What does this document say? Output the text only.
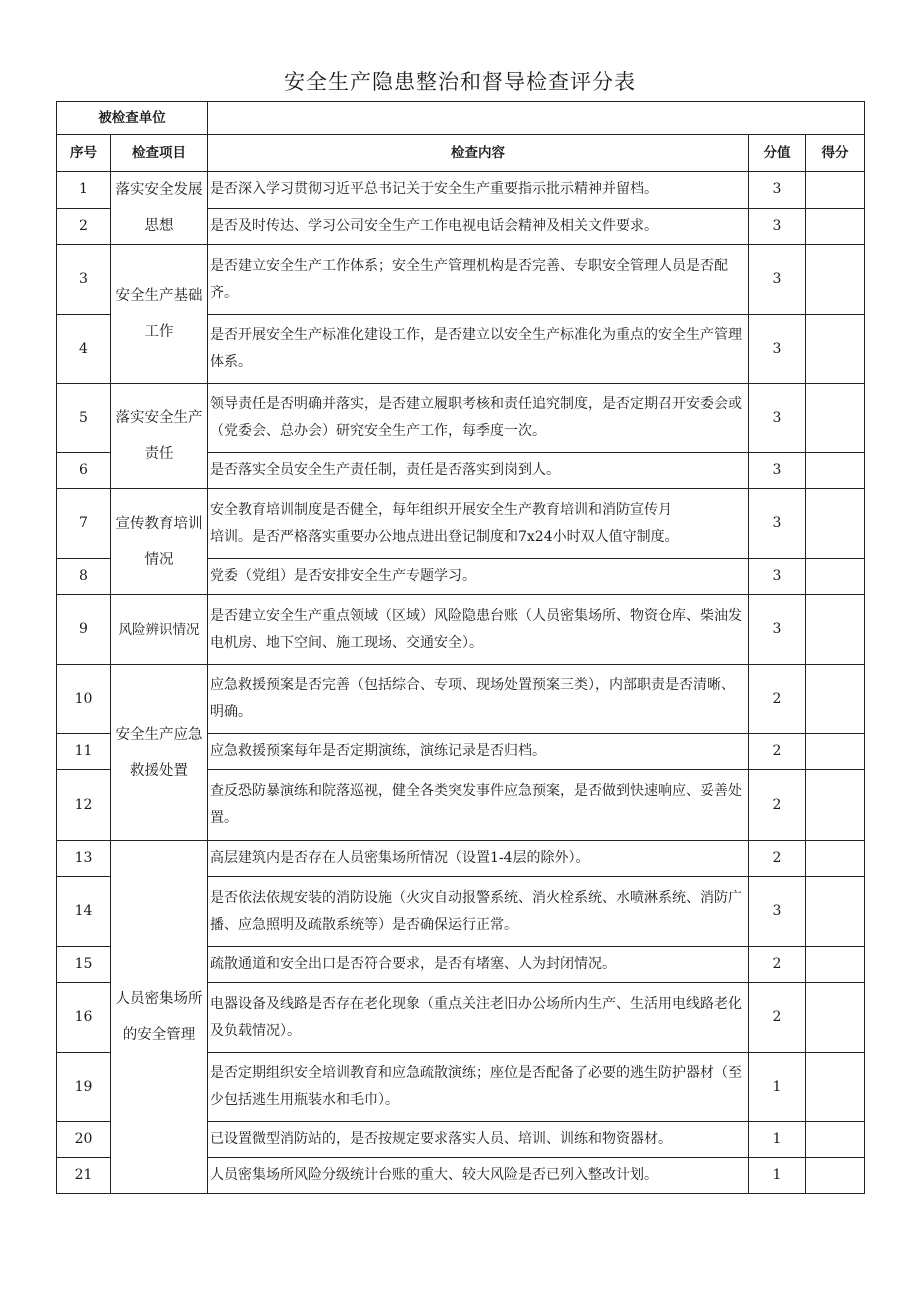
安全生产隐患整治和督导检查评分表
被检查单位				
序号	检查项目	检查内容	分值	得分
1	落实安全发展思想	是否深入学习贯彻习近平总书记关于安全生产重要指示批示精神并留档。	3	
2		是否及时传达、学习公司安全生产工作电视电话会精神及相关文件要求。	3	
3	安全生产基础工作	是否建立安全生产工作体系；安全生产管理机构是否完善、专职安全管理人员是否配齐。	3	
4		是否开展安全生产标准化建设工作，是否建立以安全生产标准化为重点的安全生产管理体系。	3	
5	落实安全生产责任	领导责任是否明确并落实，是否建立履职考核和责任追究制度，是否定期召开安委会或（党委会、总办会）研究安全生产工作，每季度一次。	3	
6		是否落实全员安全生产责任制，责任是否落实到岗到人。	3	
7	宣传教育培训情况	安全教育培训制度是否健全，每年组织开展安全生产教育培训和消防宣传月
培训。是否严格落实重要办公地点进出登记制度和7x24小时双人值守制度。	3	
8		党委（党组）是否安排安全生产专题学习。	3	
9	风险辨识情况	是否建立安全生产重点领域（区域）风险隐患台账（人员密集场所、物资仓库、柴油发电机房、地下空间、施工现场、交通安全）。	3	
10	安全生产应急救援处置	应急救援预案是否完善（包括综合、专项、现场处置预案三类），内部职责是否清晰、明确。	2	
11		应急救援预案每年是否定期演练，演练记录是否归档。	2	
12		查反恐防暴演练和院落巡视，健全各类突发事件应急预案，是否做到快速响应、妥善处置。	2	
13	人员密集场所的安全管理	高层建筑内是否存在人员密集场所情况（设置1-4层的除外）。	2	
14		是否依法依规安装的消防设施（火灾自动报警系统、消火栓系统、水喷淋系统、消防广播、应急照明及疏散系统等）是否确保运行正常。	3	
15		疏散通道和安全出口是否符合要求，是否有堵塞、人为封闭情况。	2	
16		电器设备及线路是否存在老化现象（重点关注老旧办公场所内生产、生活用电线路老化及负载情况）。	2	
19		是否定期组织安全培训教育和应急疏散演练；座位是否配备了必要的逃生防护器材（至少包括逃生用瓶装水和毛巾）。	1	
20		已设置微型消防站的，是否按规定要求落实人员、培训、训练和物资器材。	1	
21		人员密集场所风险分级统计台账的重大、较大风险是否已列入整改计划。	1	
